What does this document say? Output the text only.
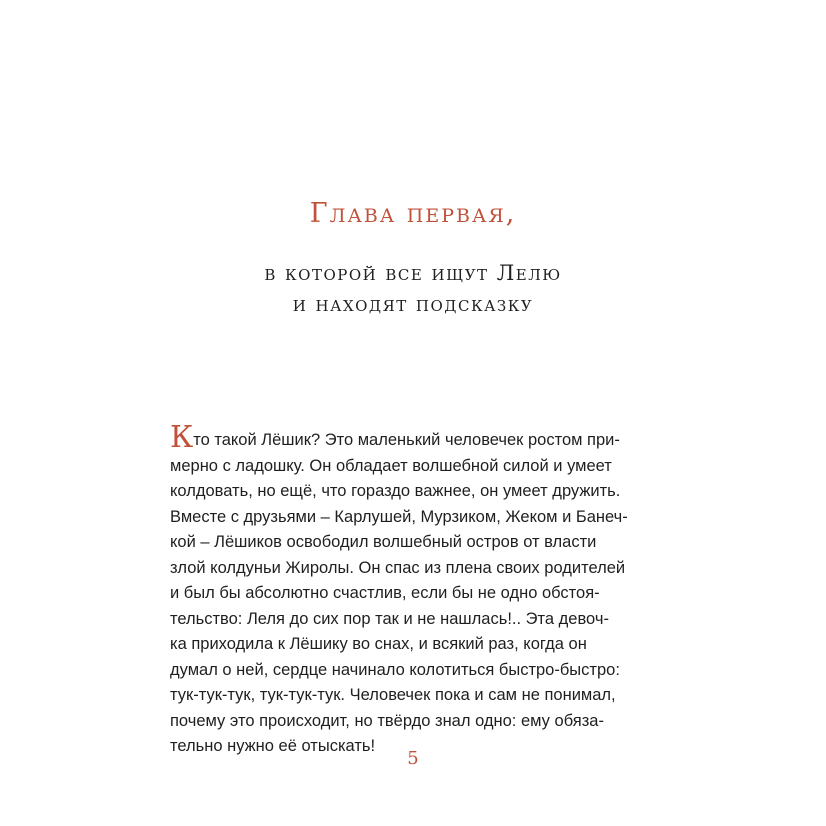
Глава первая,
в которой все ищут Лелю
и находят подсказку
Кто такой Лёшик? Это маленький человечек ростом при-
мерно с ладошку. Он обладает волшебной силой и умеет
колдовать, но ещё, что гораздо важнее, он умеет дружить.
Вместе с друзьями – Карлушей, Мурзиком, Жеком и Банеч-
кой – Лёшиков освободил волшебный остров от власти
злой колдуньи Жиролы. Он спас из плена своих родителей
и был бы абсолютно счастлив, если бы не одно обстоя-
тельство: Леля до сих пор так и не нашлась!.. Эта девоч-
ка приходила к Лёшику во снах, и всякий раз, когда он
думал о ней, сердце начинало колотиться быстро-быстро:
тук-тук-тук, тук-тук-тук. Человечек пока и сам не понимал,
почему это происходит, но твёрдо знал одно: ему обяза-
тельно нужно её отыскать!
5
